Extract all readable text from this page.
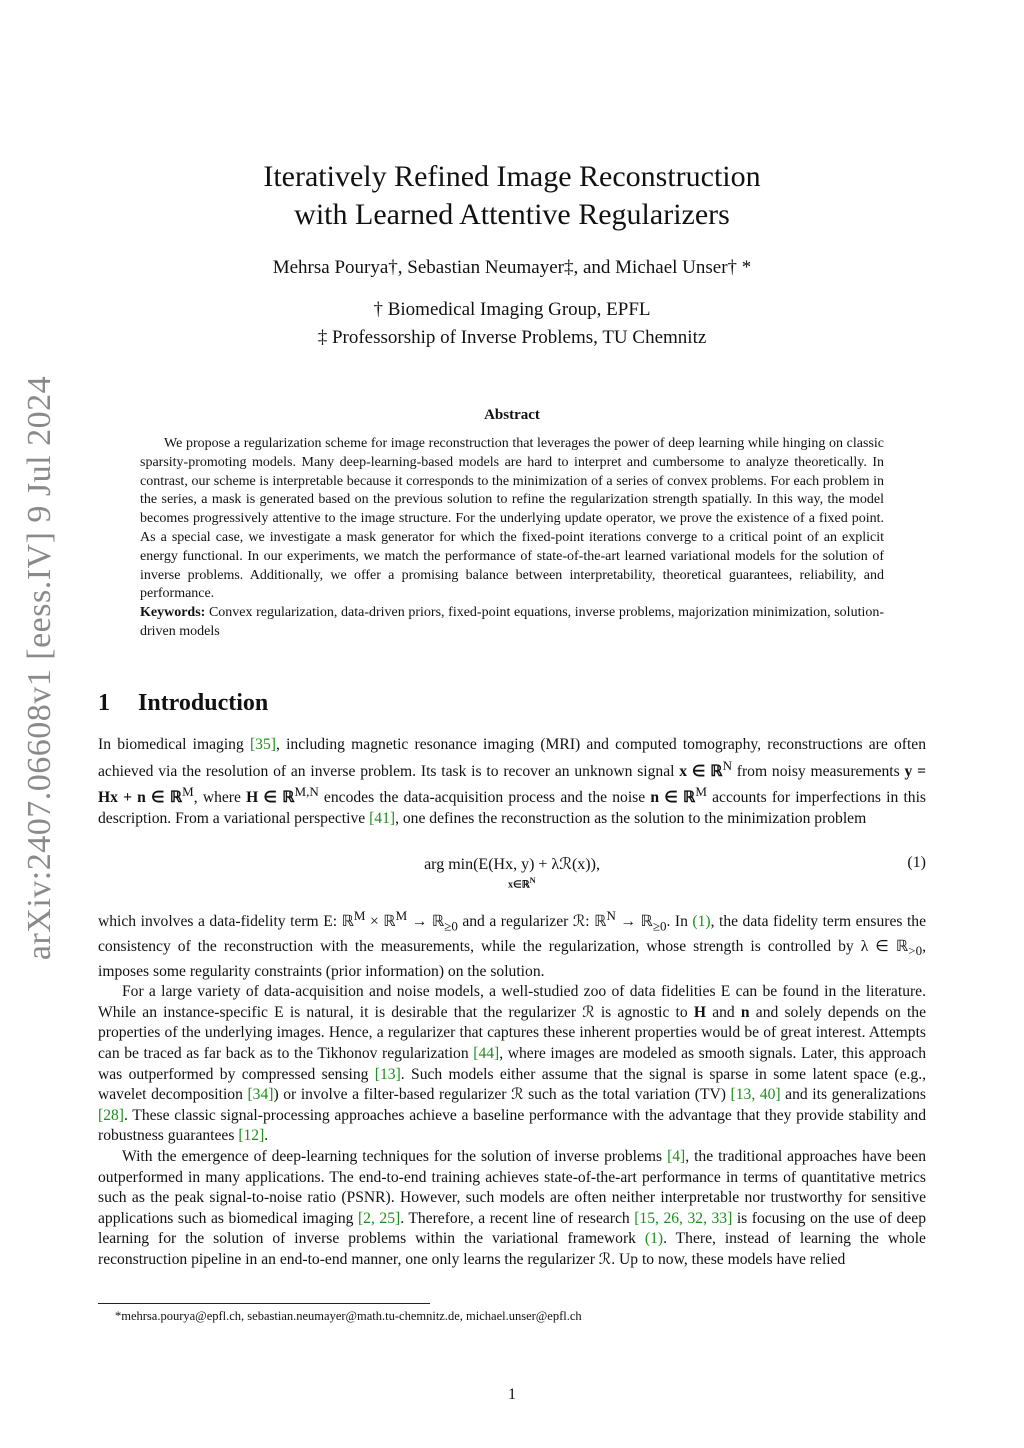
arXiv:2407.06608v1 [eess.IV] 9 Jul 2024
Iteratively Refined Image Reconstruction
with Learned Attentive Regularizers
Mehrsa Pourya†, Sebastian Neumayer‡, and Michael Unser† *
† Biomedical Imaging Group, EPFL
‡ Professorship of Inverse Problems, TU Chemnitz
Abstract

We propose a regularization scheme for image reconstruction that leverages the power of deep learning while hinging on classic sparsity-promoting models. Many deep-learning-based models are hard to interpret and cumbersome to analyze theoretically. In contrast, our scheme is interpretable because it corresponds to the minimization of a series of convex problems. For each problem in the series, a mask is generated based on the previous solution to refine the regularization strength spatially. In this way, the model becomes progressively attentive to the image structure. For the underlying update operator, we prove the existence of a fixed point. As a special case, we investigate a mask generator for which the fixed-point iterations converge to a critical point of an explicit energy functional. In our experiments, we match the performance of state-of-the-art learned variational models for the solution of inverse problems. Additionally, we offer a promising balance between interpretability, theoretical guarantees, reliability, and performance.

Keywords: Convex regularization, data-driven priors, fixed-point equations, inverse problems, majorization minimization, solution-driven models

1 Introduction

In biomedical imaging [35], including magnetic resonance imaging (MRI) and computed tomography, reconstructions are often achieved via the resolution of an inverse problem. Its task is to recover an unknown signal x ∈ ℝ$^N$ from noisy measurements y = Hx + n ∈ ℝ$^M$, where H ∈ ℝ$^{M,N}$ encodes the data-acquisition process and the noise n ∈ ℝ$^M$ accounts for imperfections in this description. From a variational perspective [41], one defines the reconstruction as the solution to the minimization problem

arg min(E(Hx, y) + λℛ(x)),
x∈ℝ$^N$
(1)

which involves a data-fidelity term E: ℝ$^M$ × ℝ$^M$ → ℝ$_{\ge 0}$ and a regularizer ℛ: ℝ$^N$ → ℝ$_{\ge 0}$. In (1), the data fidelity term ensures the consistency of the reconstruction with the measurements, while the regularization, whose strength is controlled by λ ∈ ℝ$_{>0}$, imposes some regularity constraints (prior information) on the solution.

For a large variety of data-acquisition and noise models, a well-studied zoo of data fidelities E can be found in the literature. While an instance-specific E is natural, it is desirable that the regularizer ℛ is agnostic to H and n and solely depends on the properties of the underlying images. Hence, a regularizer that captures these inherent properties would be of great interest. Attempts can be traced as far back as to the Tikhonov regularization [44], where images are modeled as smooth signals. Later, this approach was outperformed by compressed sensing [13]. Such models either assume that the signal is sparse in some latent space (e.g., wavelet decomposition [34]) or involve a filter-based regularizer ℛ such as the total variation (TV) [13, 40] and its generalizations [28]. These classic signal-processing approaches achieve a baseline performance with the advantage that they provide stability and robustness guarantees [12].

With the emergence of deep-learning techniques for the solution of inverse problems [4], the traditional approaches have been outperformed in many applications. The end-to-end training achieves state-of-the-art performance in terms of quantitative metrics such as the peak signal-to-noise ratio (PSNR). However, such models are often neither interpretable nor trustworthy for sensitive applications such as biomedical imaging [2, 25]. Therefore, a recent line of research [15, 26, 32, 33] is focusing on the use of deep learning for the solution of inverse problems within the variational framework (1). There, instead of learning the whole reconstruction pipeline in an end-to-end manner, one only learns the regularizer ℛ. Up to now, these models have relied

*mehrsa.pourya@epfl.ch, sebastian.neumayer@math.tu-chemnitz.de, michael.unser@epfl.ch
1
